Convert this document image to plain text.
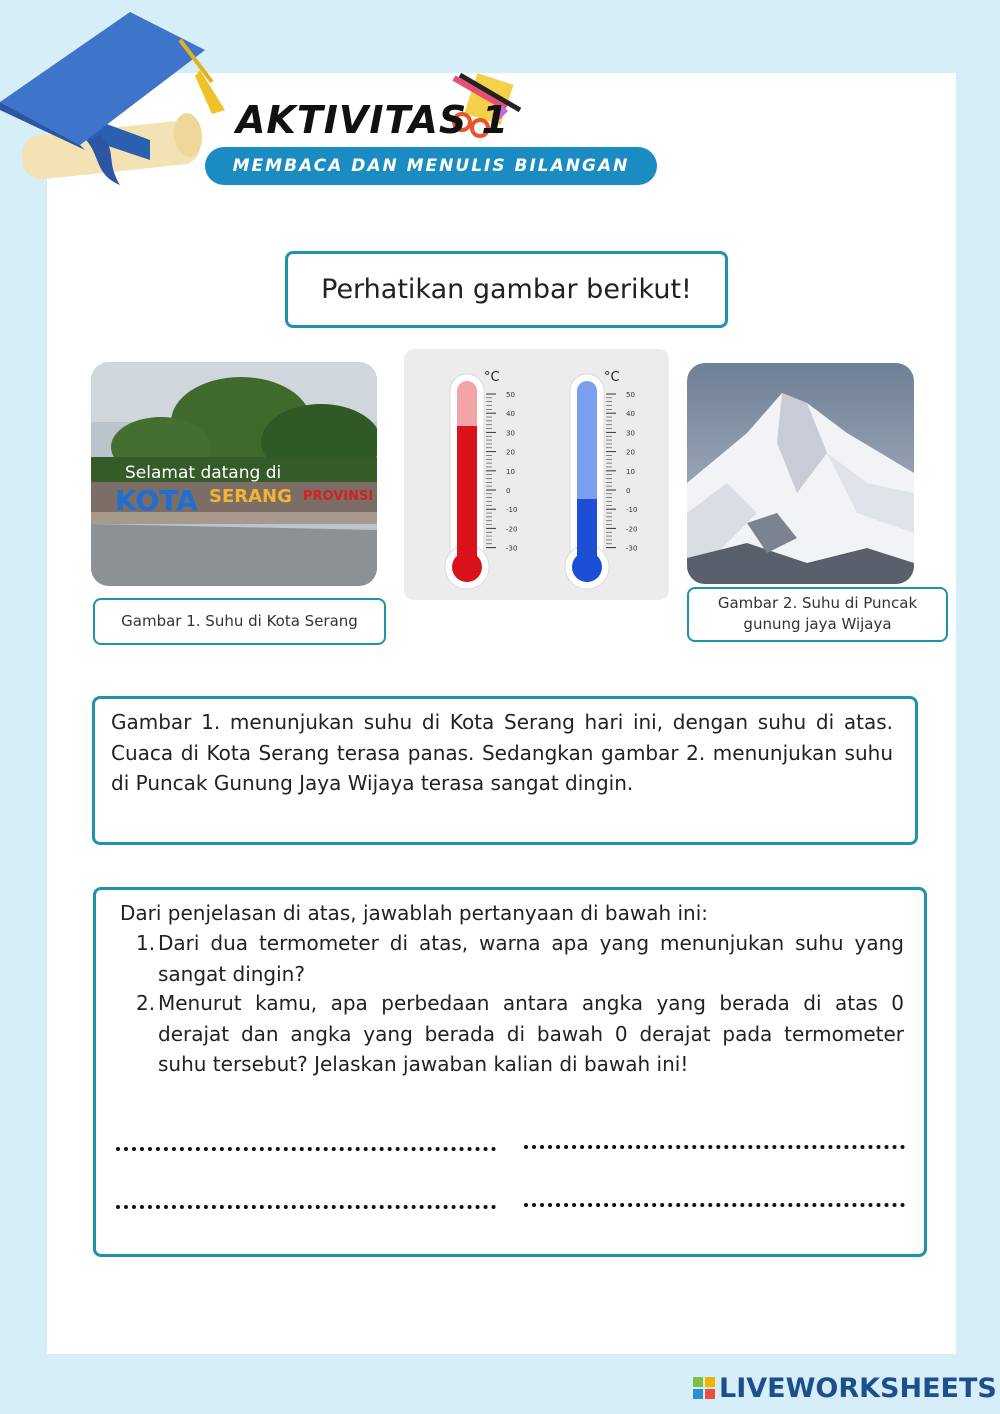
AKTIVITAS 1
MEMBACA DAN MENULIS BILANGAN BULAT
Perhatikan gambar berikut!
Selamat datang di
KOTA SERANG PROVINSI
°C	°C
50
40
30
20
10
0
-10
-20
-30
50
40
30
20
10
0
-10
-20
-30
Gambar 1. Suhu di Kota Serang
Gambar 2. Suhu di Puncak gunung jaya Wijaya
Gambar 1. menunjukan suhu di Kota Serang hari ini, dengan suhu di atas. Cuaca di Kota Serang terasa panas. Sedangkan gambar 2. menunjukan suhu di Puncak Gunung Jaya Wijaya terasa sangat dingin.
Dari penjelasan di atas, jawablah pertanyaan di bawah ini:
1. Dari dua termometer di atas, warna apa yang menunjukan suhu yang sangat dingin?
2. Menurut kamu, apa perbedaan antara angka yang berada di atas 0 derajat dan angka yang berada di bawah 0 derajat pada termometer suhu tersebut? Jelaskan jawaban kalian di bawah ini!
LIVEWORKSHEETS
